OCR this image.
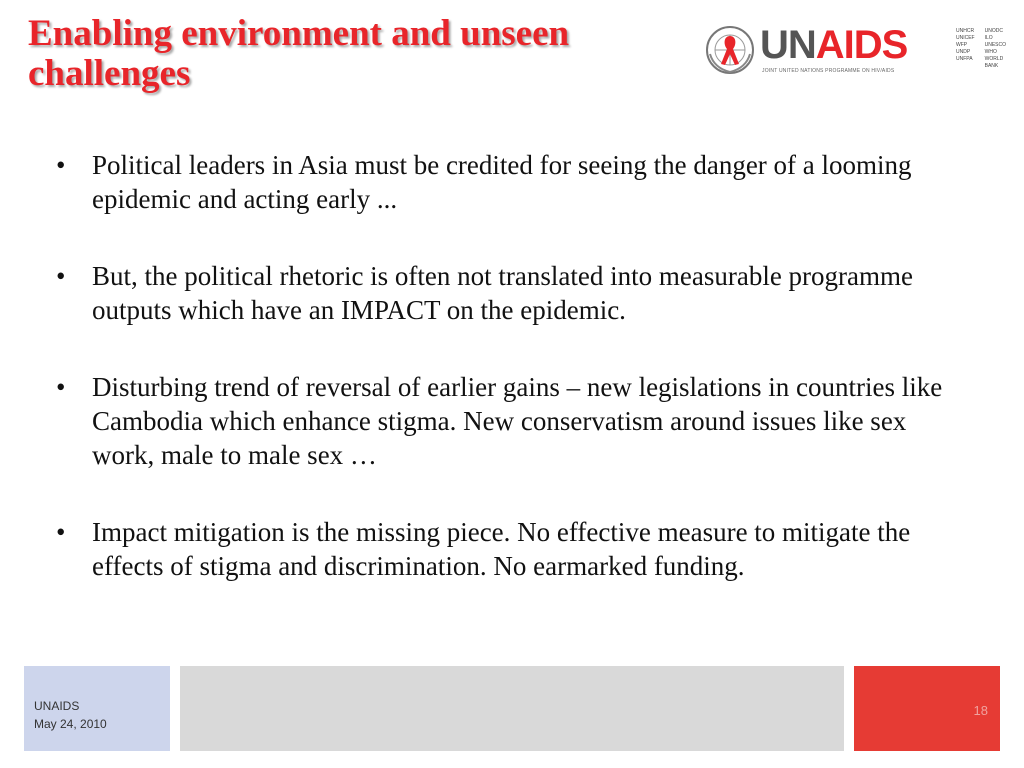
Enabling environment and unseen challenges
UNAIDS
JOINT UNITED NATIONS PROGRAMME ON HIV/AIDS
UNHCR
UNICEF
WFP
UNDP
UNFPA
UNODC
ILO
UNESCO
WHO
WORLD BANK
• Political leaders in Asia must be credited for seeing the danger of a looming epidemic and acting early ...
• But, the political rhetoric is often not translated into measurable programme outputs which have an IMPACT on the epidemic.
• Disturbing trend of reversal of earlier gains – new legislations in countries like Cambodia which enhance stigma. New conservatism around issues like sex work, male to male sex …
• Impact mitigation is the missing piece. No effective measure to mitigate the effects of stigma and discrimination. No earmarked funding.
UNAIDS
May 24, 2010
18
